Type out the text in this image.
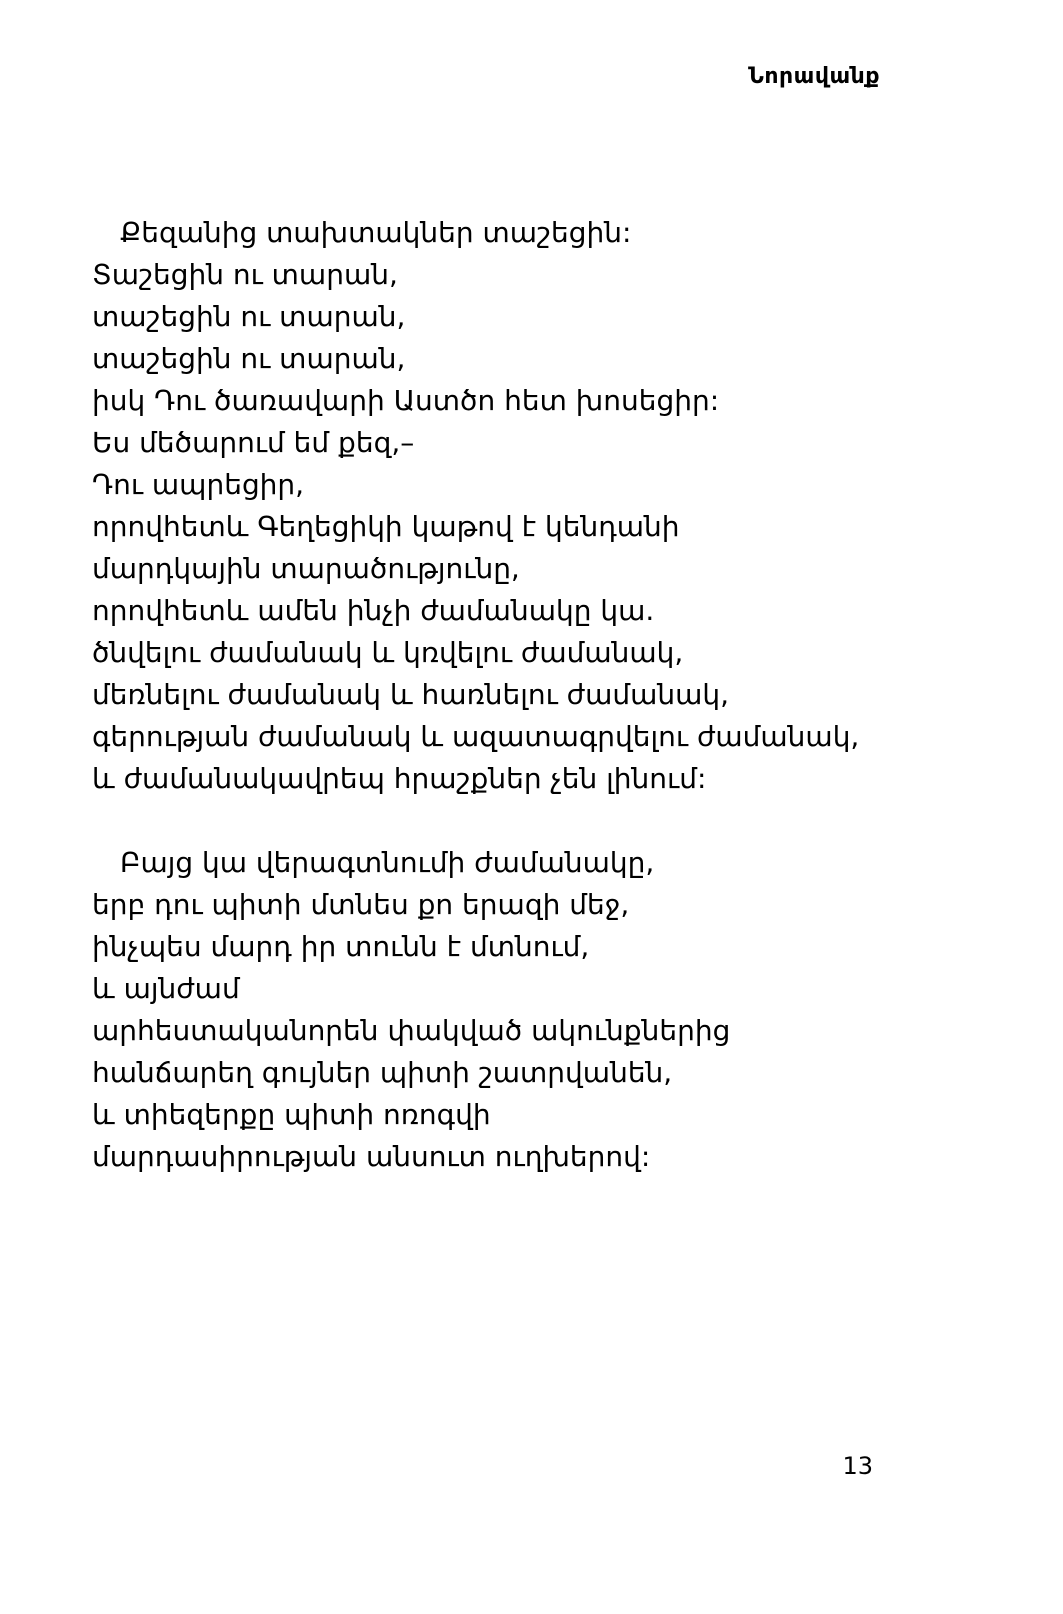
Նորավանք
Քեզանից տախտակներ տաշեցին:
Տաշեցին ու տարան,
տաշեցին ու տարան,
տաշեցին ու տարան,
իսկ Դու ծառավարի Աստծո հետ խոսեցիր:
Ես մեծարում եմ քեզ,–
Դու ապրեցիր,
որովհետև Գեղեցիկի կաթով է կենդանի
մարդկային տարածությունը,
որովհետև ամեն ինչի ժամանակը կա.
ծնվելու ժամանակ և կռվելու ժամանակ,
մեռնելու ժամանակ և հառնելու ժամանակ,
գերության ժամանակ և ազատագրվելու ժամանակ,
և ժամանակավրեպ հրաշքներ չեն լինում:
Բայց կա վերագտնումի ժամանակը,
երբ դու պիտի մտնես քո երազի մեջ,
ինչպես մարդ իր տունն է մտնում,
և այնժամ
արհեստականորեն փակված ակունքներից
հանճարեղ գույներ պիտի շատրվանեն,
և տիեզերքը պիտի ոռոգվի
մարդասիրության անսուտ ուղխերով:
13
